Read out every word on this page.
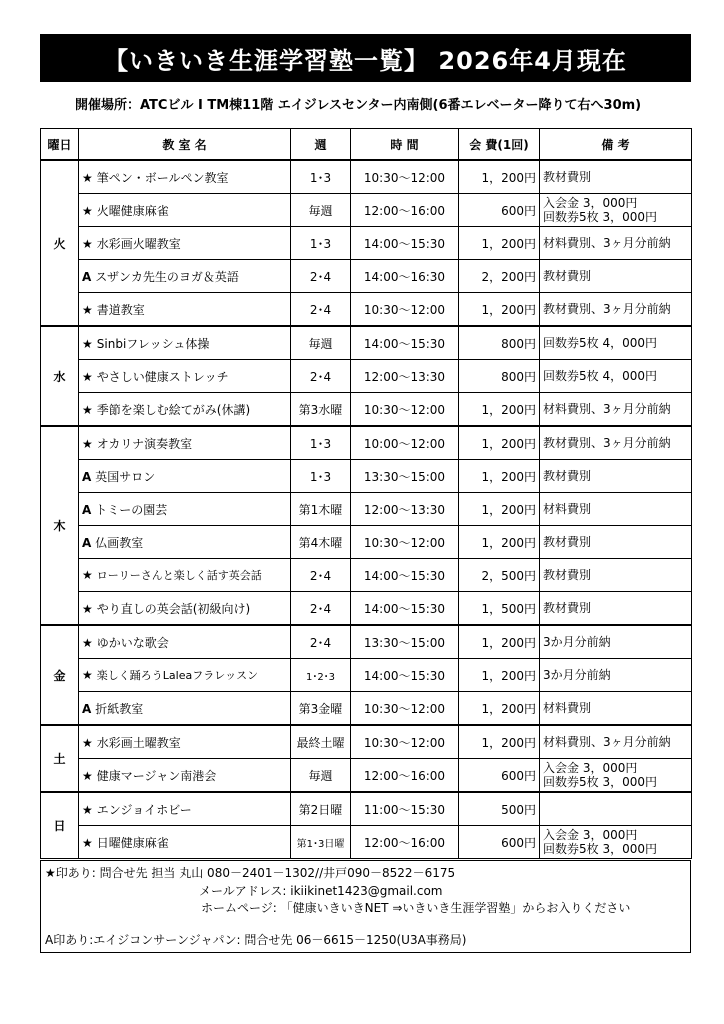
【いきいき生涯学習塾一覧】 2026年4月現在
開催場所：ATCビル I TM棟11階 エイジレスセンター内南側(6番エレベーター降りて右へ30m)
曜日	教 室 名	週	時 間	会 費(1回)	備 考
火	★ 筆ペン・ボールペン教室	1･3	10:30～12:00	1，200円	教材費別

	★ 火曜健康麻雀	毎週	12:00～16:00	600円	入会金 3，000円
回数券5枚 3，000円

	★ 水彩画火曜教室	1･3	14:00～15:30	1，200円	材料費別、3ヶ月分前納

	A スザンカ先生のヨガ＆英語	2･4	14:00～16:30	2，200円	教材費別

	★ 書道教室	2･4	10:30～12:00	1，200円	教材費別、3ヶ月分前納

水	★ Sinbiフレッシュ体操	毎週	14:00～15:30	800円	回数券5枚 4，000円

	★ やさしい健康ストレッチ	2･4	12:00～13:30	800円	回数券5枚 4，000円

	★ 季節を楽しむ絵てがみ(休講)	第3水曜	10:30～12:00	1，200円	材料費別、3ヶ月分前納

木	★ オカリナ演奏教室	1･3	10:00～12:00	1，200円	教材費別、3ヶ月分前納

	A 英国サロン	1･3	13:30～15:00	1，200円	教材費別

	A トミーの園芸	第1木曜	12:00～13:30	1，200円	材料費別

	A 仏画教室	第4木曜	10:30～12:00	1，200円	教材費別

	★ ローリーさんと楽しく話す英会話	2･4	14:00～15:30	2，500円	教材費別

	★ やり直しの英会話(初級向け)	2･4	14:00～15:30	1，500円	教材費別

金	★ ゆかいな歌会	2･4	13:30～15:00	1，200円	3か月分前納

	★ 楽しく踊ろうLaleaフラレッスン	1･2･3	14:00～15:30	1，200円	3か月分前納

	A 折紙教室	第3金曜	10:30～12:00	1，200円	材料費別

土	★ 水彩画土曜教室	最終土曜	10:30～12:00	1，200円	材料費別、3ヶ月分前納

	★ 健康マージャン南港会	毎週	12:00～16:00	600円	入会金 3，000円
回数券5枚 3，000円

日	★ エンジョイホビー	第2日曜	11:00～15:30	500円	
	★ 日曜健康麻雀	第1･3日曜	12:00～16:00	600円	入会金 3，000円
回数券5枚 3，000円
★印あり: 問合せ先 担当 丸山 080－2401－1302//井戸090－8522－6175
メールアドレス: ikiikinet1423@gmail.com
ホームページ: 「健康いきいきNET ⇒いきいき生涯学習塾」からお入りください
A印あり:エイジコンサーンジャパン: 問合せ先 06－6615－1250(U3A事務局)
